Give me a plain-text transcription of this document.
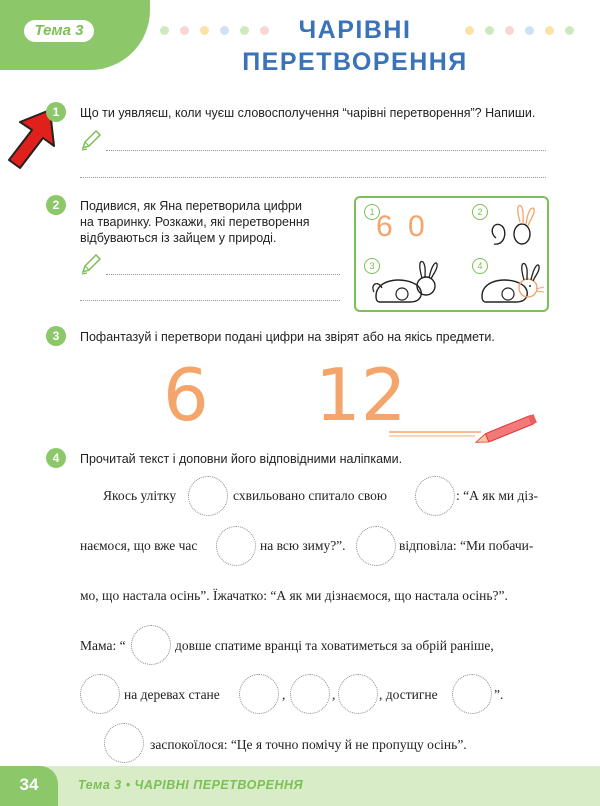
Тема 3	ЧАРІВНІ
ПЕРЕТВОРЕННЯ
1	Що ти уявляєш, коли чуєш словосполучення “чарівні перетворення”? Напиши.
2	Подивися, як Яна перетворила цифри
на тваринку. Розкажи, які перетворення
відбуваються із зайцем у природі.
1	2
3	4
6 0
3	Пофантазуй і перетвори подані цифри на звірят або на якісь предмети.
6 12
4	Прочитай текст і доповни його відповідними наліпками.
Якось улітку	схвильовано спитало свою	: “А як ми діз-
наємося, що вже час	на всю зиму?”.	відповіла: “Ми побачи-
мо, що настала осінь”. Їжачатко: “А як ми дізнаємося, що настала осінь?”.
Мама: “	довше спатиме вранці та ховатиметься за обрій раніше,
на деревах стане	,	,	, достигне	”.
заспокоїлося: “Це я точно помічу й не пропущу осінь”.
34	Тема 3 • ЧАРІВНІ ПЕРЕТВОРЕННЯ
